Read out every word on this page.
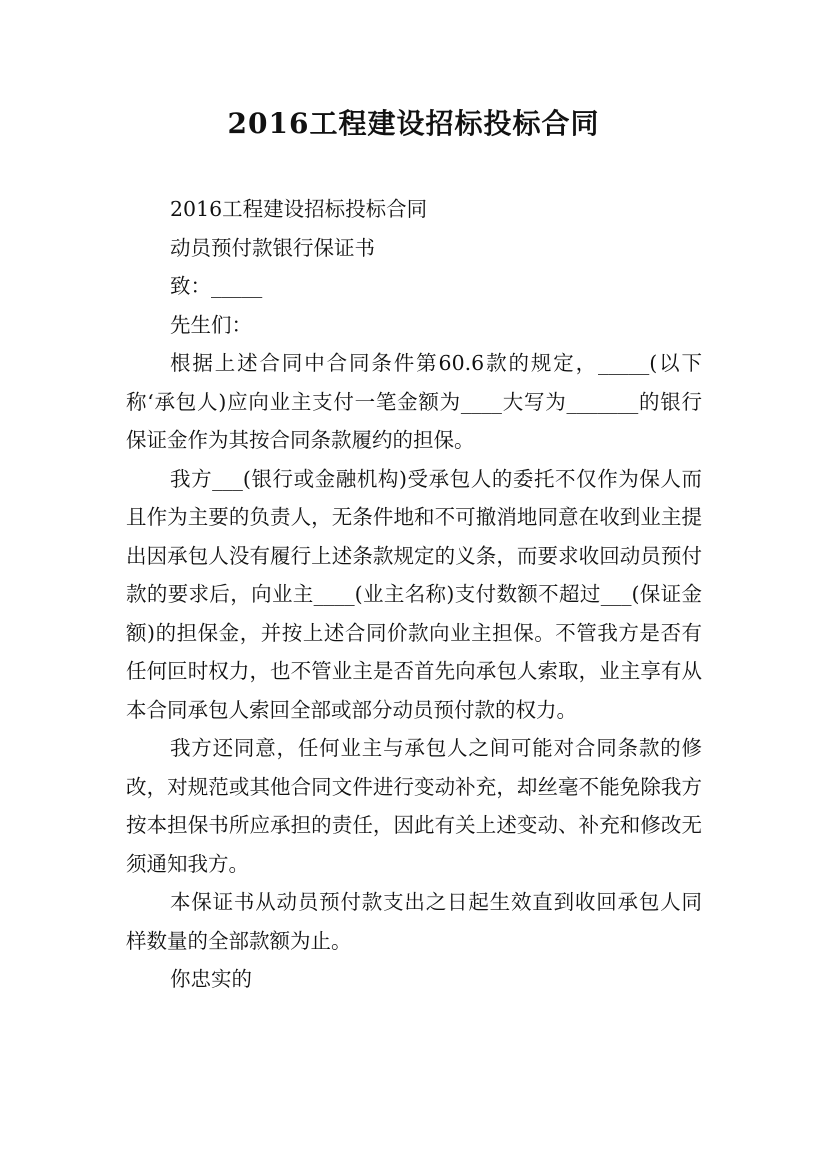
2016工程建设招标投标合同

2016工程建设招标投标合同

动员预付款银行保证书

致：_____

先生们：

根据上述合同中合同条件第60.6款的规定，_____(以下称‘承包人)应向业主支付一笔金额为____大写为_______的银行保证金作为其按合同条款履约的担保。

我方___(银行或金融机构)受承包人的委托不仅作为保人而且作为主要的负责人，无条件地和不可撤消地同意在收到业主提出因承包人没有履行上述条款规定的义条，而要求收回动员预付款的要求后，向业主____(业主名称)支付数额不超过___(保证金额)的担保金，并按上述合同价款向业主担保。不管我方是否有任何叵时权力，也不管业主是否首先向承包人索取，业主享有从本合同承包人索回全部或部分动员预付款的权力。

我方还同意，任何业主与承包人之间可能对合同条款的修改，对规范或其他合同文件进行变动补充，却丝毫不能免除我方按本担保书所应承担的责任，因此有关上述变动、补充和修改无须通知我方。

本保证书从动员预付款支出之日起生效直到收回承包人同样数量的全部款额为止。

你忠实的
